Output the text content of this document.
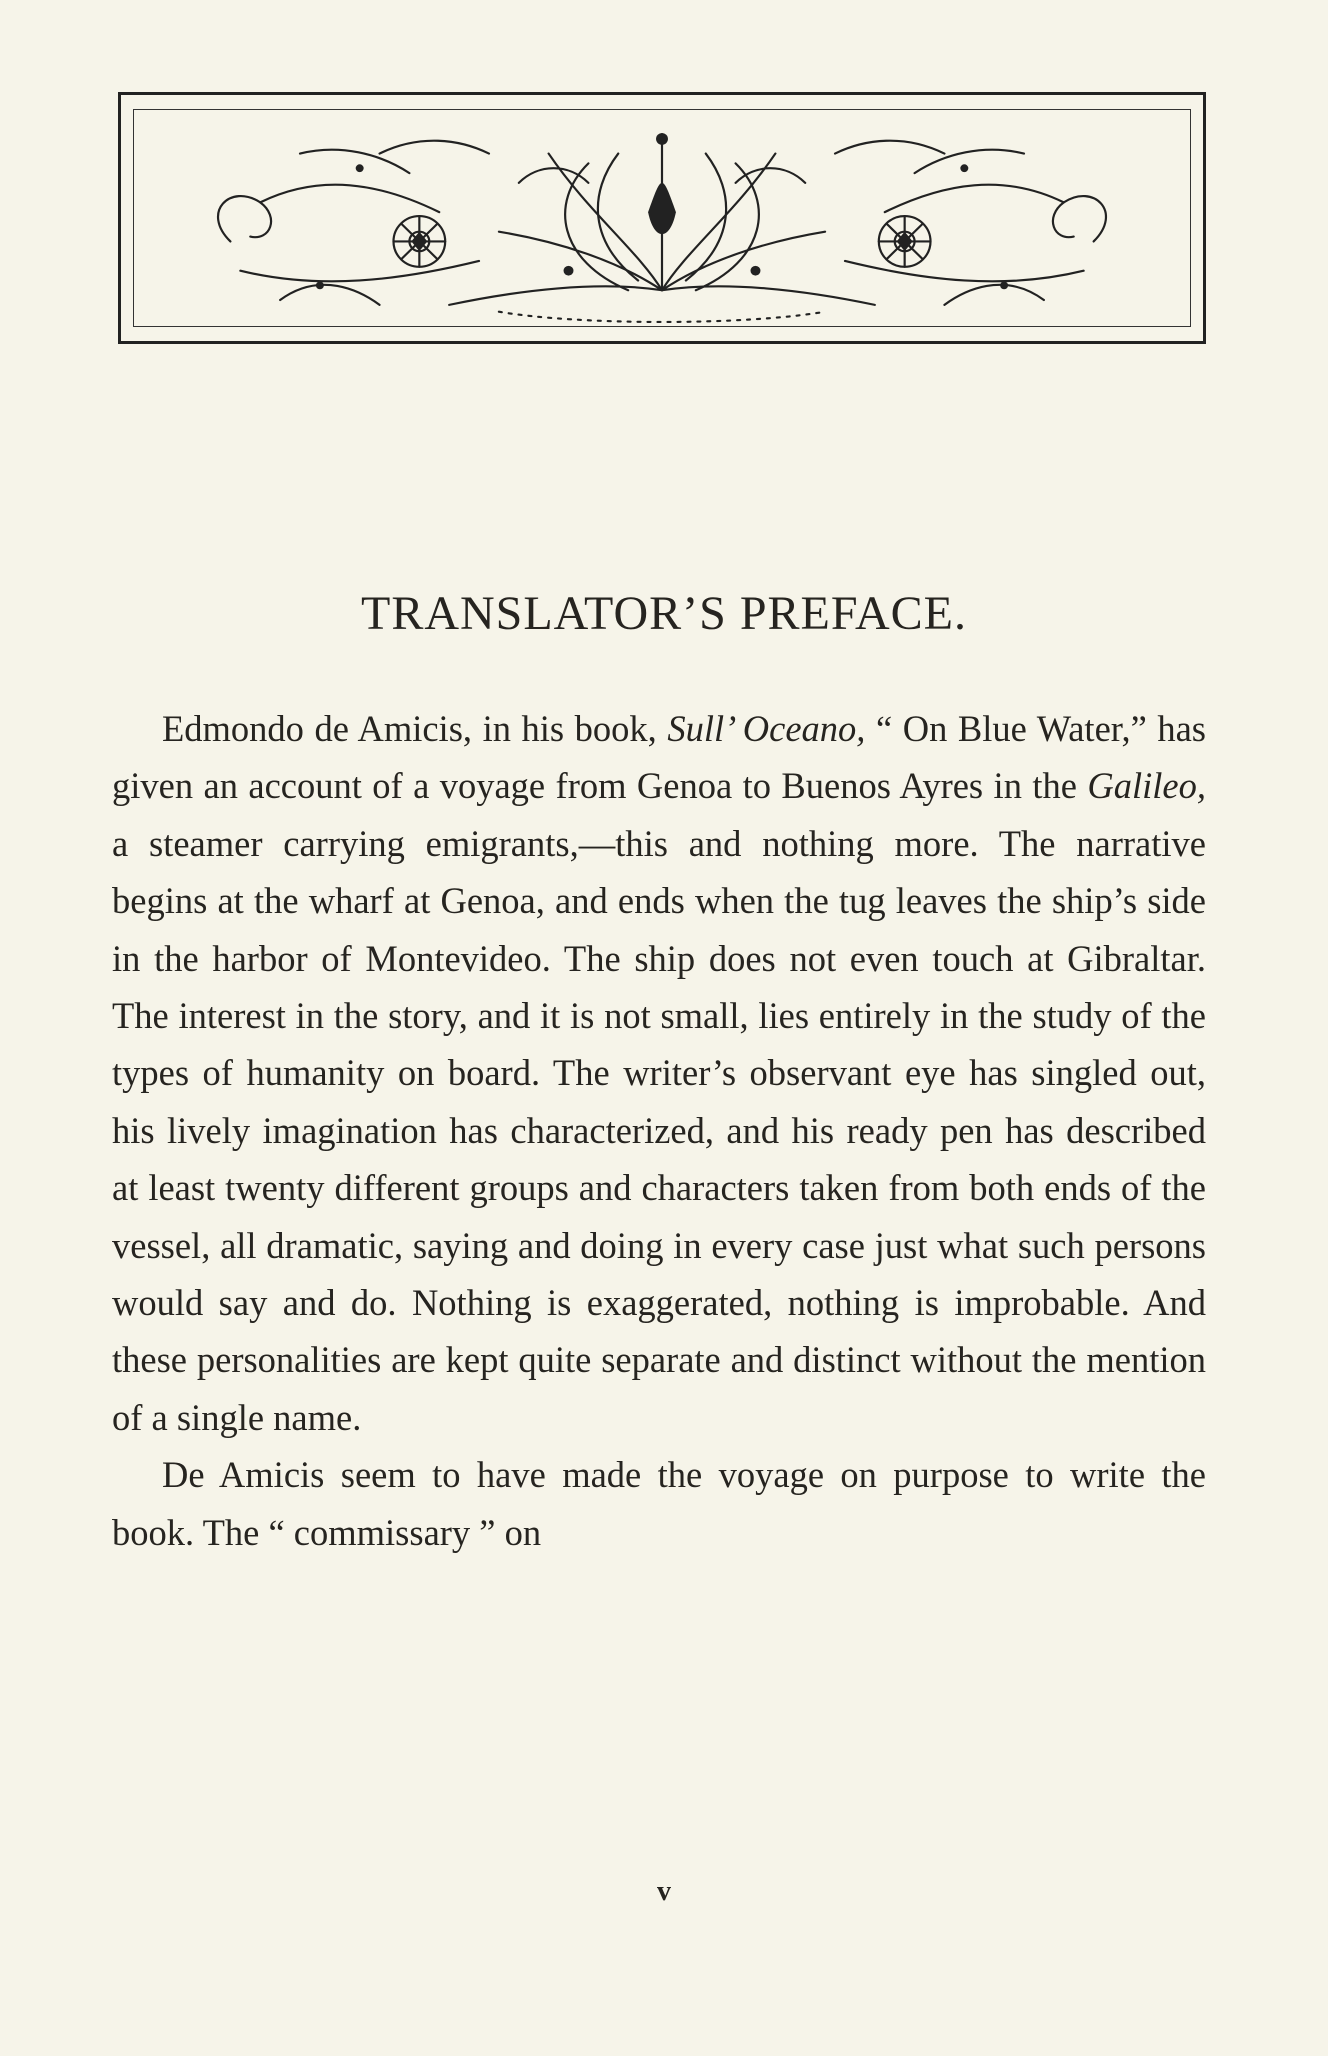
TRANSLATOR’S PREFACE.

Edmondo de Amicis, in his book, Sull’ Oceano, “ On Blue Water,” has given an account of a voyage from Genoa to Buenos Ayres in the Galileo, a steamer carrying emigrants,—this and nothing more. The narrative begins at the wharf at Genoa, and ends when the tug leaves the ship’s side in the harbor of Montevideo. The ship does not even touch at Gibraltar. The interest in the story, and it is not small, lies entirely in the study of the types of humanity on board. The writer’s observant eye has singled out, his lively imagination has characterized, and his ready pen has described at least twenty different groups and characters taken from both ends of the vessel, all dramatic, saying and doing in every case just what such persons would say and do. Nothing is exaggerated, nothing is improbable. And these personalities are kept quite separate and distinct without the mention of a single name.

De Amicis seem to have made the voyage on purpose to write the book. The “ commissary ” on

v
